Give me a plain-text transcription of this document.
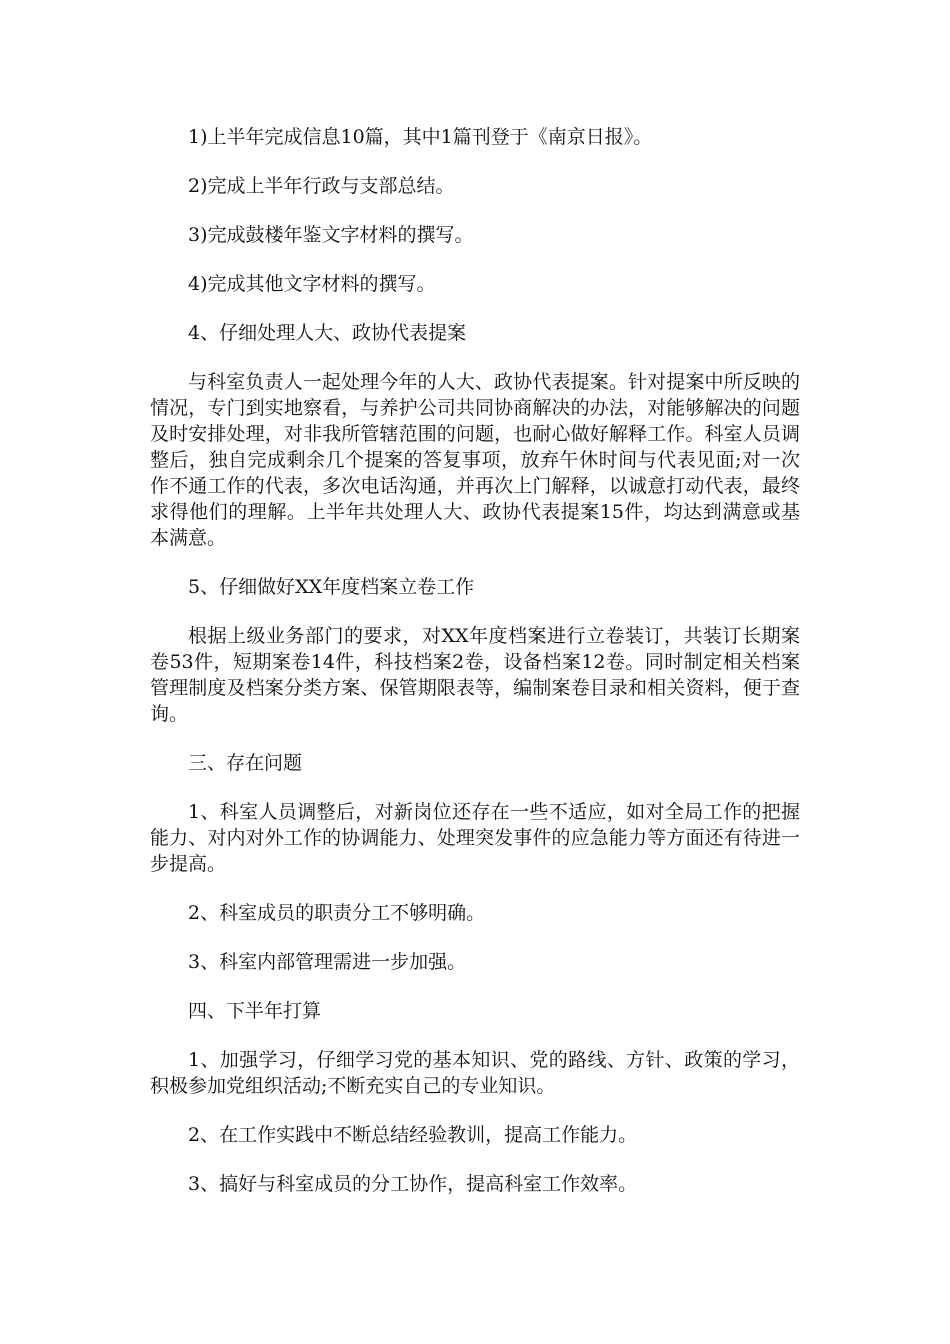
1)上半年完成信息10篇，其中1篇刊登于《南京日报》。

2)完成上半年行政与支部总结。

3)完成鼓楼年鉴文字材料的撰写。

4)完成其他文字材料的撰写。

4、仔细处理人大、政协代表提案

与科室负责人一起处理今年的人大、政协代表提案。针对提案中所反映的情况，专门到实地察看，与养护公司共同协商解决的办法，对能够解决的问题及时安排处理，对非我所管辖范围的问题，也耐心做好解释工作。科室人员调整后，独自完成剩余几个提案的答复事项，放弃午休时间与代表见面;对一次作不通工作的代表，多次电话沟通，并再次上门解释，以诚意打动代表，最终求得他们的理解。上半年共处理人大、政协代表提案15件，均达到满意或基本满意。

5、仔细做好XX年度档案立卷工作

根据上级业务部门的要求，对XX年度档案进行立卷装订，共装订长期案卷53件，短期案卷14件，科技档案2卷，设备档案12卷。同时制定相关档案管理制度及档案分类方案、保管期限表等，编制案卷目录和相关资料，便于查询。

三、存在问题

1、科室人员调整后，对新岗位还存在一些不适应，如对全局工作的把握能力、对内对外工作的协调能力、处理突发事件的应急能力等方面还有待进一步提高。

2、科室成员的职责分工不够明确。

3、科室内部管理需进一步加强。

四、下半年打算

1、加强学习，仔细学习党的基本知识、党的路线、方针、政策的学习，积极参加党组织活动;不断充实自己的专业知识。

2、在工作实践中不断总结经验教训，提高工作能力。

3、搞好与科室成员的分工协作，提高科室工作效率。
